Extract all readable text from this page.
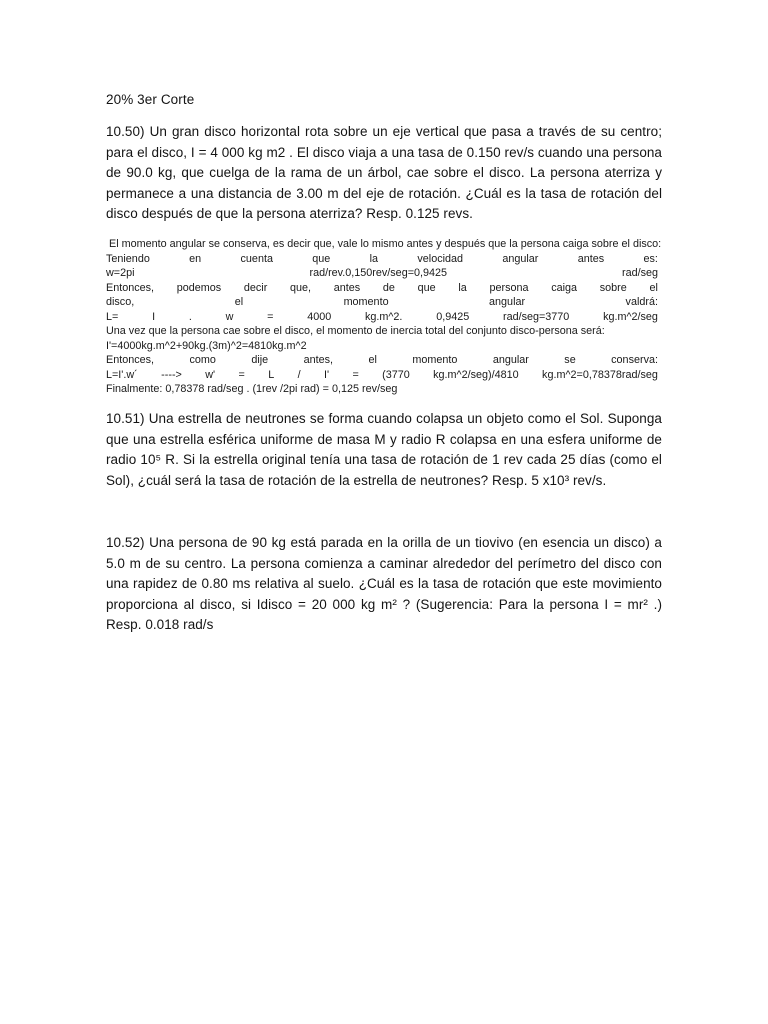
20% 3er Corte
10.50) Un gran disco horizontal rota sobre un eje vertical que pasa a través de su centro; para el disco, I = 4 000 kg m2 . El disco viaja a una tasa de 0.150 rev/s cuando una persona de 90.0 kg, que cuelga de la rama de un árbol, cae sobre el disco. La persona aterriza y permanece a una distancia de 3.00 m del eje de rotación. ¿Cuál es la tasa de rotación del disco después de que la persona aterriza? Resp. 0.125 revs.
El momento angular se conserva, es decir que, vale lo mismo antes y después que la persona caiga sobre el disco:
Teniendo	en	cuenta	que	la	velocidad	angular	antes	es:
w=2pi	rad/rev.0,150rev/seg=0,9425	rad/seg
Entonces, podemos decir que, antes de que la persona caiga sobre el
disco,	el	momento	angular	valdrá:
L=	I	.	w	=	4000	kg.m^2.	0,9425	rad/seg=3770	kg.m^2/seg
Una vez que la persona cae sobre el disco, el momento de inercia total del conjunto disco-persona será:
I'=4000kg.m^2+90kg.(3m)^2=4810kg.m^2
Entonces,	como	dije	antes,	el	momento	angular	se	conserva:
L=I'.w´ ----> w' = L / I' = (3770 kg.m^2/seg)/4810 kg.m^2=0,78378rad/seg
Finalmente: 0,78378 rad/seg . (1rev /2pi rad) = 0,125 rev/seg
10.51) Una estrella de neutrones se forma cuando colapsa un objeto como el Sol. Suponga que una estrella esférica uniforme de masa M y radio R colapsa en una esfera uniforme de radio 10⁵ R. Si la estrella original tenía una tasa de rotación de 1 rev cada 25 días (como el Sol), ¿cuál será la tasa de rotación de la estrella de neutrones? Resp. 5 x10³ rev/s.
10.52) Una persona de 90 kg está parada en la orilla de un tiovivo (en esencia un disco) a 5.0 m de su centro. La persona comienza a caminar alrededor del perímetro del disco con una rapidez de 0.80 ms relativa al suelo. ¿Cuál es la tasa de rotación que este movimiento proporciona al disco, si Idisco = 20 000 kg m² ? (Sugerencia: Para la persona I = mr² .) Resp. 0.018 rad/s
